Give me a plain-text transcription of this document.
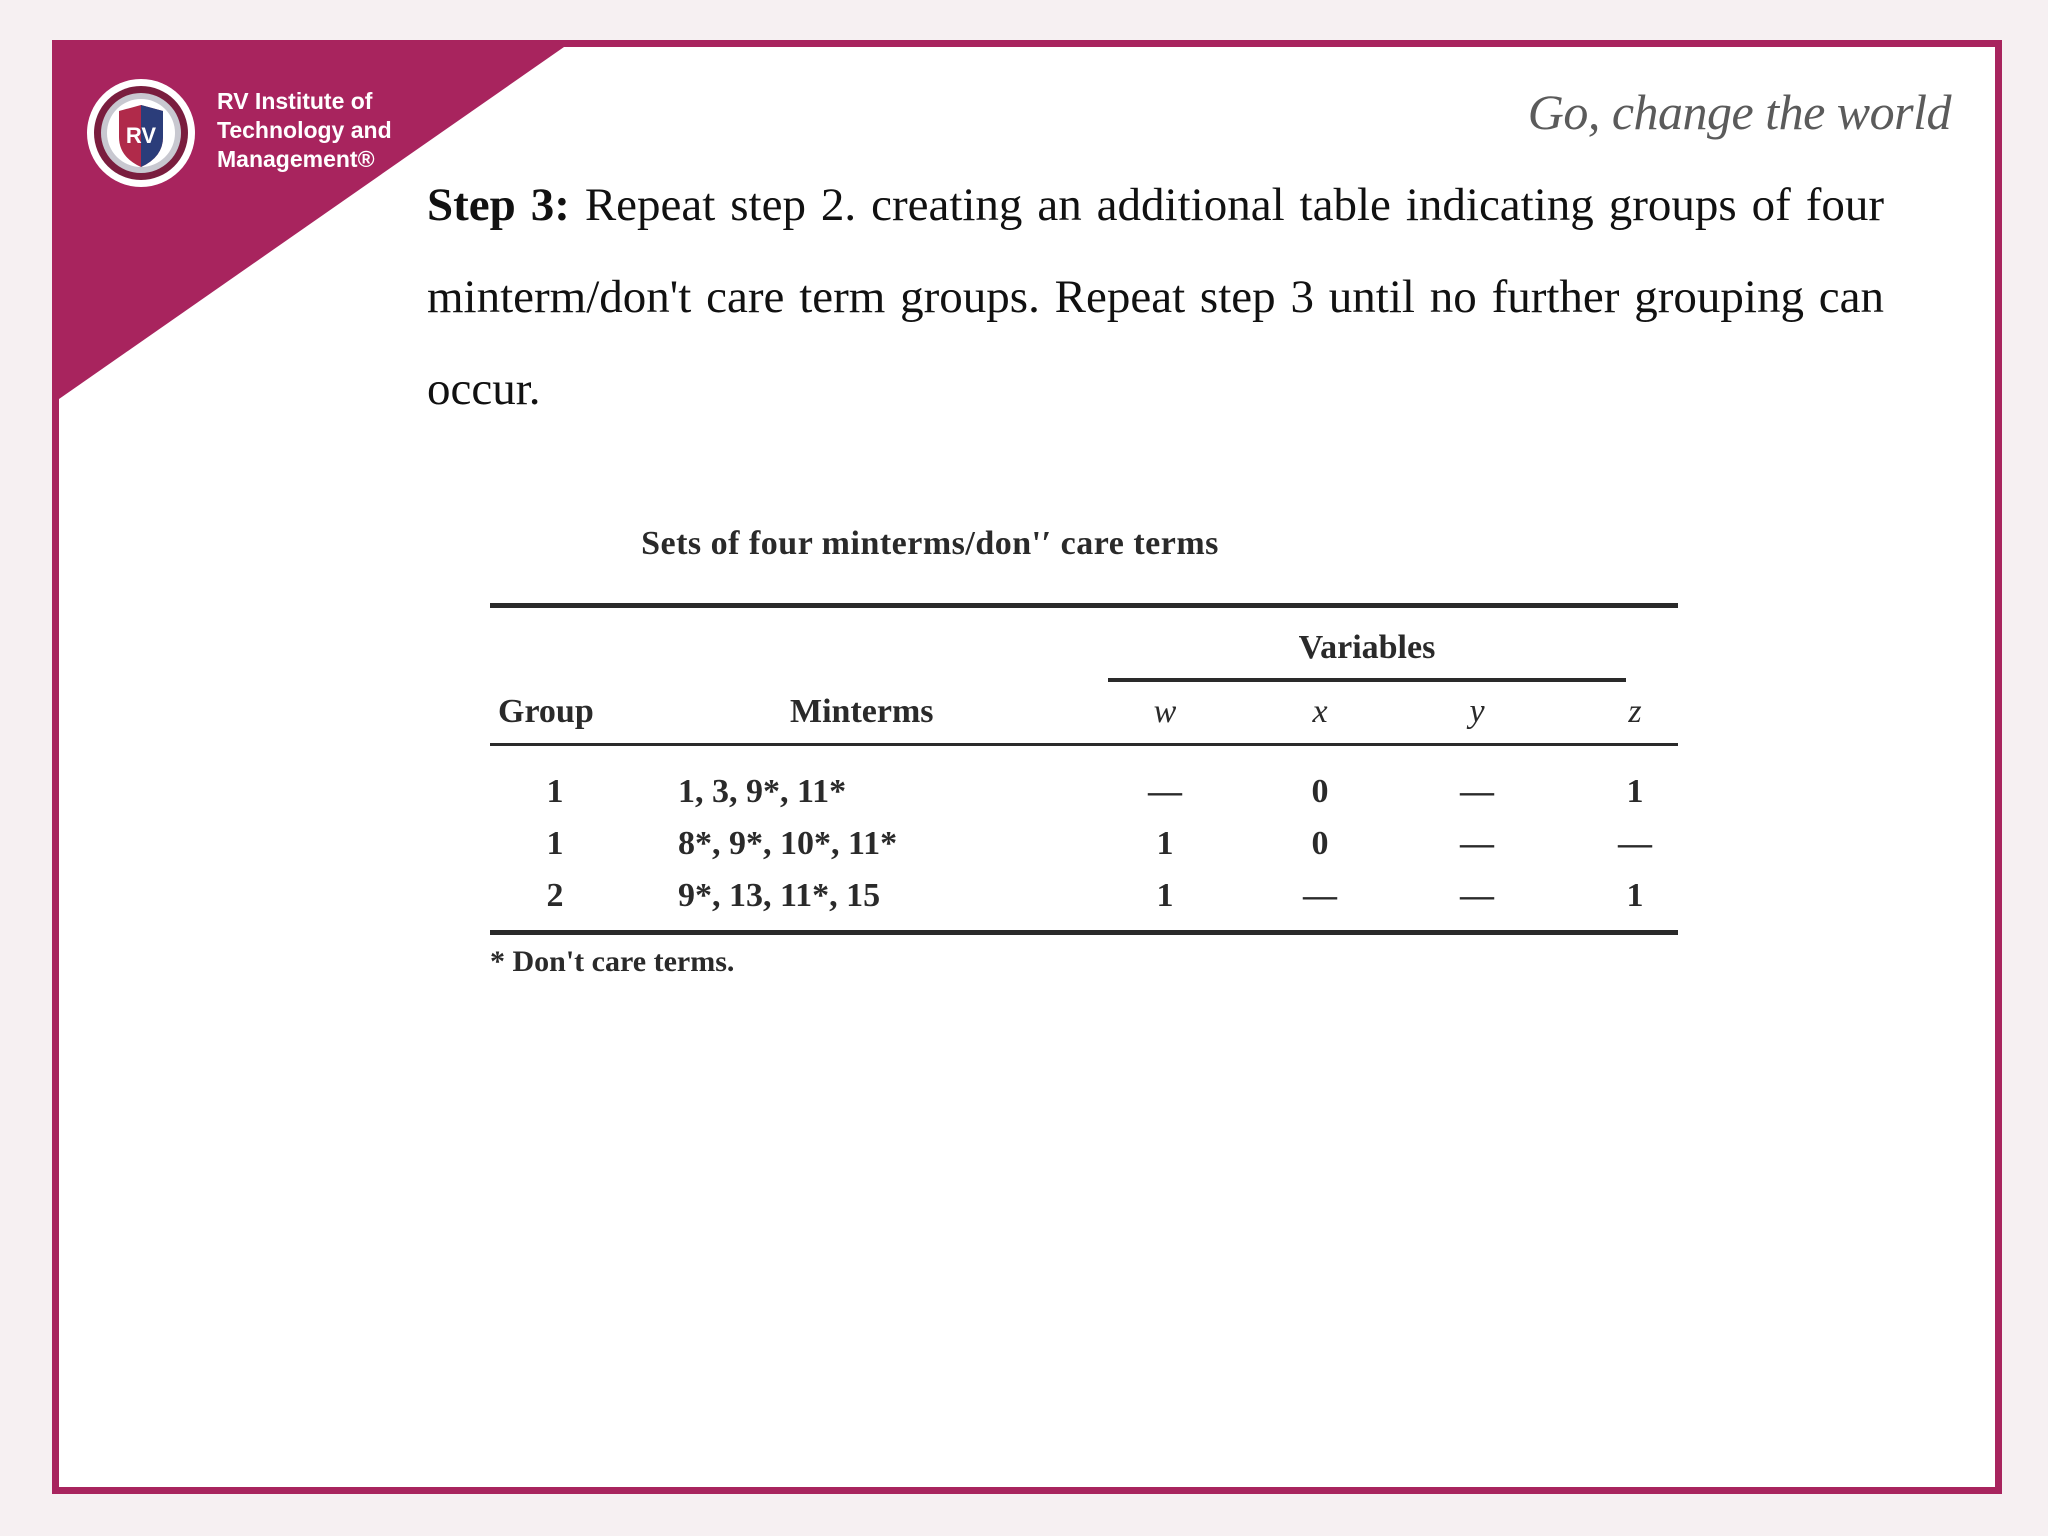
RV
RV Institute of
Technology and
Management®
Go, change the world
Step 3: Repeat step 2. creating an additional table indicating groups of four minterm/don't care term groups. Repeat step 3 until no further grouping can occur.
Sets of four minterms/don'′ care terms
Variables
Group	Minterms	w	x	y	z
1	1, 3, 9*, 11*	—	0	—	1
1	8*, 9*, 10*, 11*	1	0	—	—
2	9*, 13, 11*, 15	1	—	—	1
* Don't care terms.
